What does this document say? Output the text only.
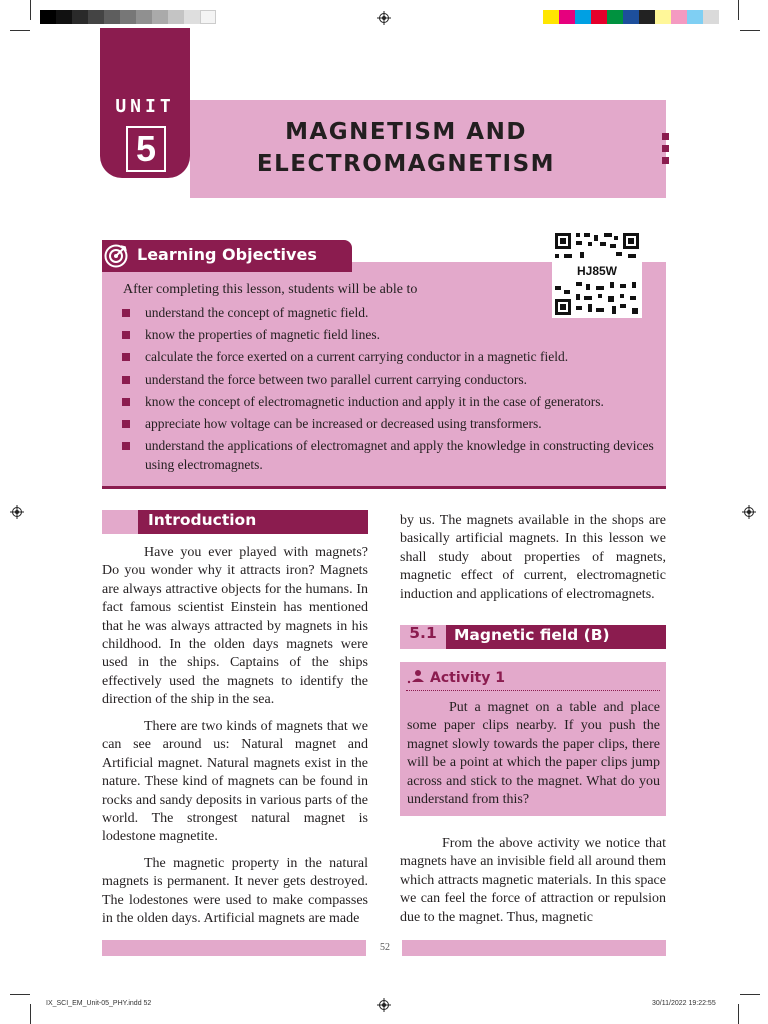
UNIT
5	MAGNETISM AND ELECTROMAGNETISM
Learning Objectives
HJ85W
After completing this lesson, students will be able to
understand the concept of magnetic field.
know the properties of magnetic field lines.
calculate the force exerted on a current carrying conductor in a magnetic field.
understand the force between two parallel current carrying conductors.
know the concept of electromagnetic induction and apply it in the case of generators.
appreciate how voltage can be increased or decreased using transformers.
understand the applications of electromagnet and apply the knowledge in constructing devices using electromagnets.
Introduction

Have you ever played with magnets? Do you wonder why it attracts iron? Magnets are always attractive objects for the humans. In fact famous scientist Einstein has mentioned that he was always attracted by magnets in his childhood. In the olden days magnets were used in the ships. Captains of the ships effectively used the magnets to identify the direction of the ship in the sea.

There are two kinds of magnets that we can see around us: Natural magnet and Artificial magnet. Natural magnets exist in the nature. These kind of magnets can be found in rocks and sandy deposits in various parts of the world. The strongest natural magnet is lodestone magnetite.

The magnetic property in the natural magnets is permanent. It never gets destroyed. The lodestones were used to make compasses in the olden days. Artificial magnets are made

by us. The magnets available in the shops are basically artificial magnets. In this lesson we shall study about properties of magnets, magnetic effect of current, electromagnetic induction and applications of electromagnets.

5.1	Magnetic field (B)
Activity 1

Put a magnet on a table and place some paper clips nearby. If you push the magnet slowly towards the paper clips, there will be a point at which the paper clips jump across and stick to the magnet. What do you understand from this?

From the above activity we notice that magnets have an invisible field all around them which attracts magnetic materials. In this space we can feel the force of attraction or repulsion due to the magnet. Thus, magnetic

52
IX_SCI_EM_Unit-05_PHY.indd 52	30/11/2022 19:22:55
